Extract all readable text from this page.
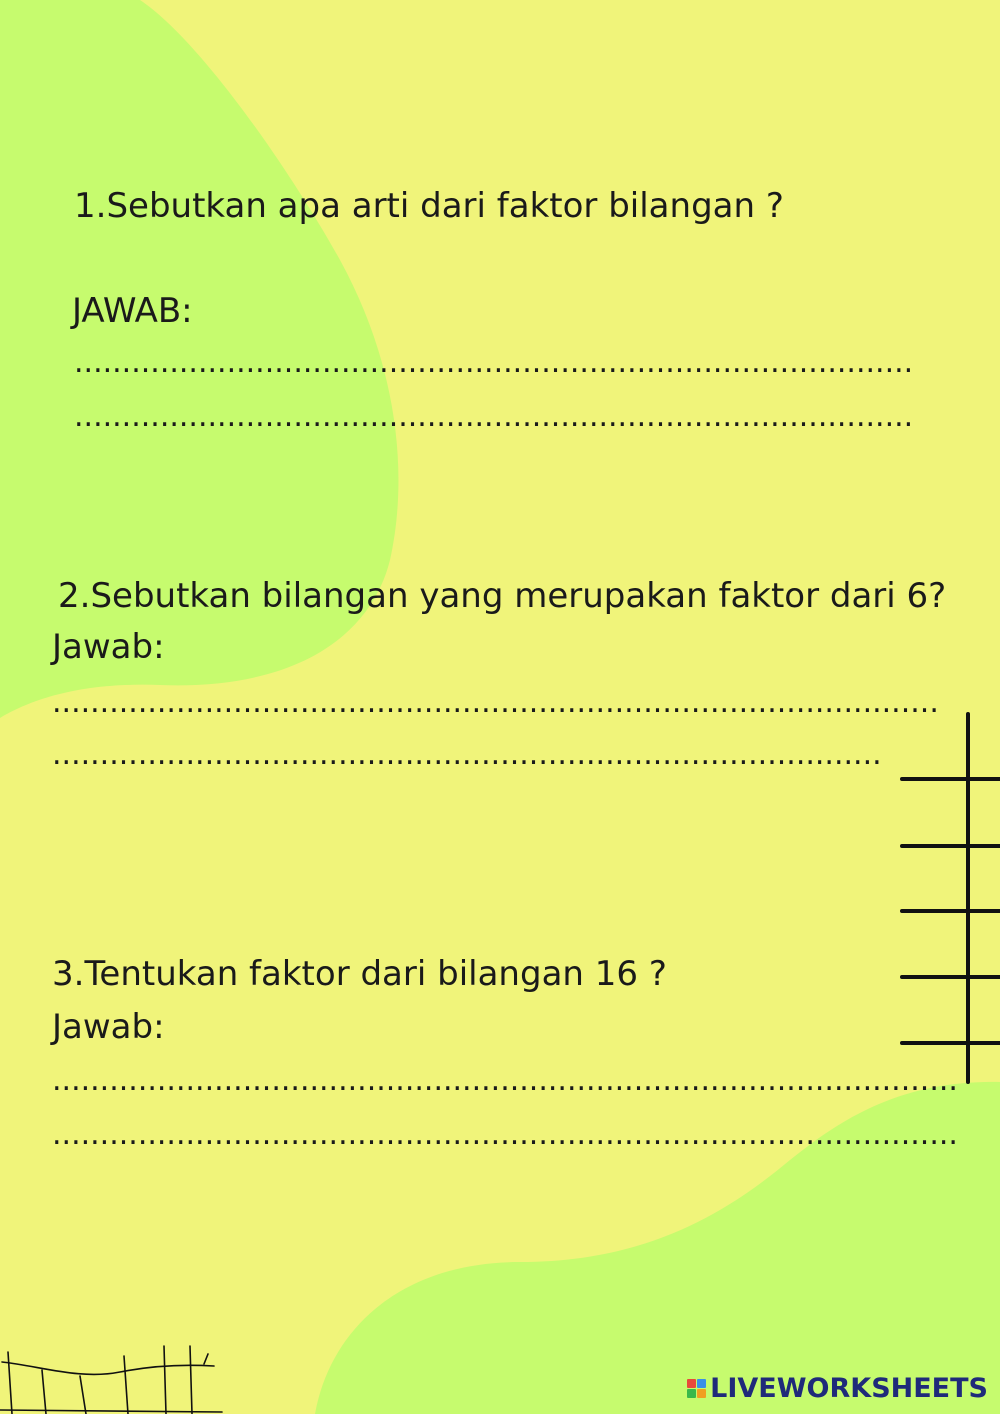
1.Sebutkan apa arti dari faktor bilangan ?
JAWAB:
........................................................................................
........................................................................................
2.Sebutkan bilangan yang merupakan faktor dari 6?
Jawab:
.............................................................................................
.......................................................................................
3.Tentukan faktor dari bilangan 16 ?
Jawab:
...............................................................................................
...............................................................................................
LIVEWORKSHEETS
